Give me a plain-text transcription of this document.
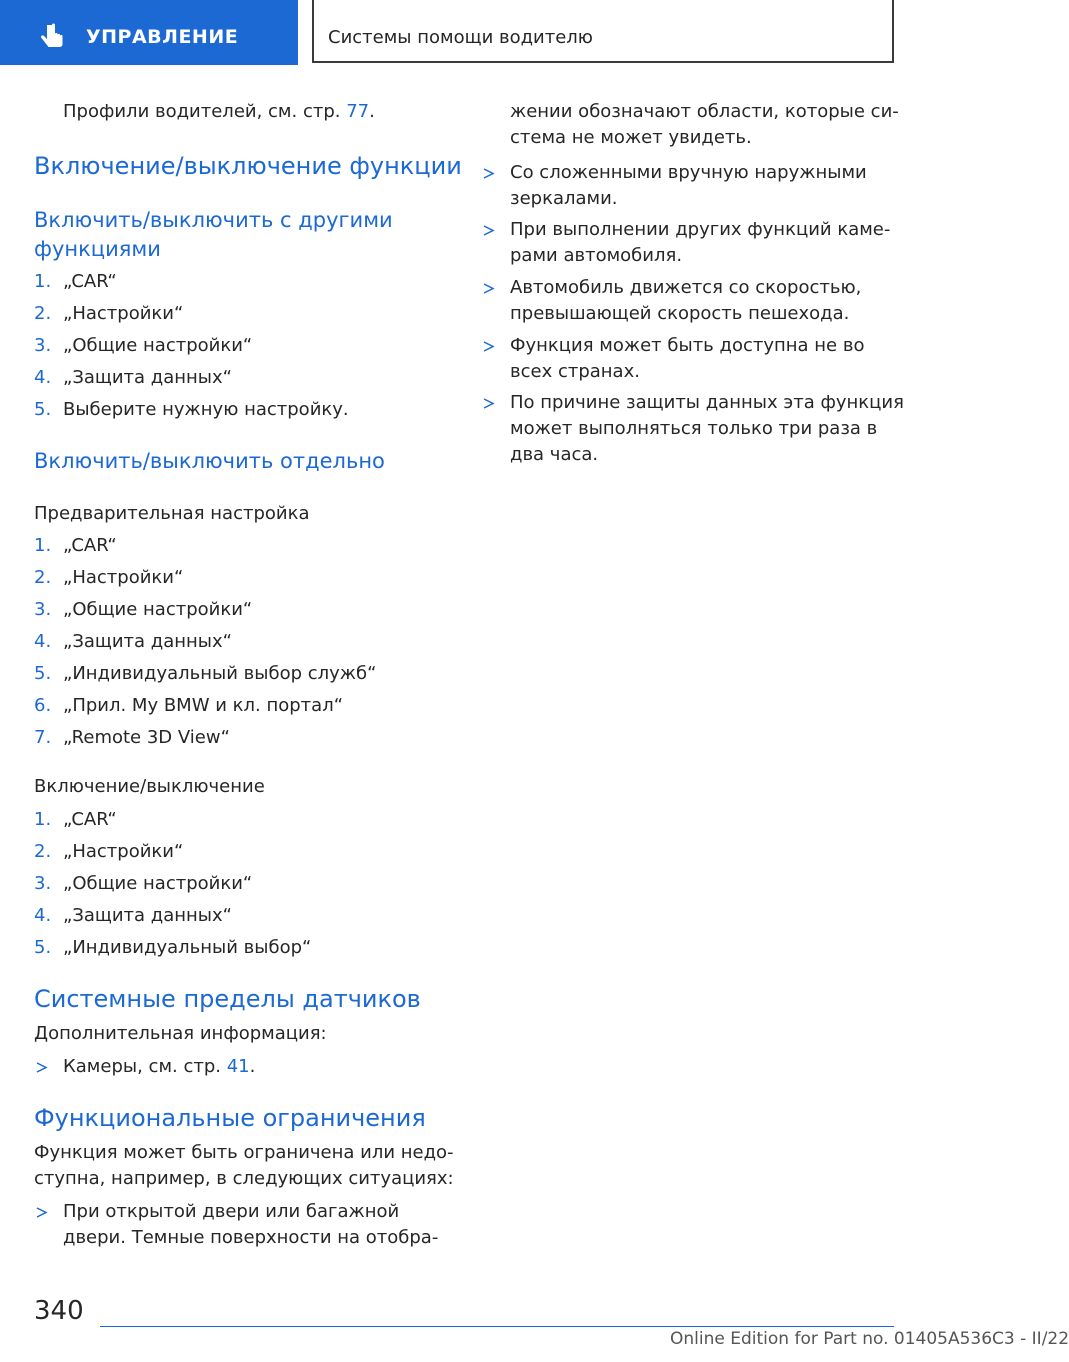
УПРАВЛЕНИЕ	Системы помощи водителю
Профили водителей, см. стр. 77.
Включение/выключение функции
Включить/выключить с другими
функциями
1. „CAR“
2. „Настройки“
3. „Общие настройки“
4. „Защита данных“
5. Выберите нужную настройку.
Включить/выключить отдельно
Предварительная настройка
1. „CAR“
2. „Настройки“
3. „Общие настройки“
4. „Защита данных“
5. „Индивидуальный выбор служб“
6. „Прил. My BMW и кл. портал“
7. „Remote 3D View“
Включение/выключение
1. „CAR“
2. „Настройки“
3. „Общие настройки“
4. „Защита данных“
5. „Индивидуальный выбор“
Системные пределы датчиков
Дополнительная информация:
Камеры, см. стр. 41.
Функциональные ограничения
Функция может быть ограничена или недо-
ступна, например, в следующих ситуациях:
При открытой двери или багажной
двери. Темные поверхности на отобра-
жении обозначают области, которые си-
стема не может увидеть.
Со сложенными вручную наружными
зеркалами.
При выполнении других функций каме-
рами автомобиля.
Автомобиль движется со скоростью,
превышающей скорость пешехода.
Функция может быть доступна не во
всех странах.
По причине защиты данных эта функция
может выполняться только три раза в
два часа.
340
Online Edition for Part no. 01405A536C3 - II/22
